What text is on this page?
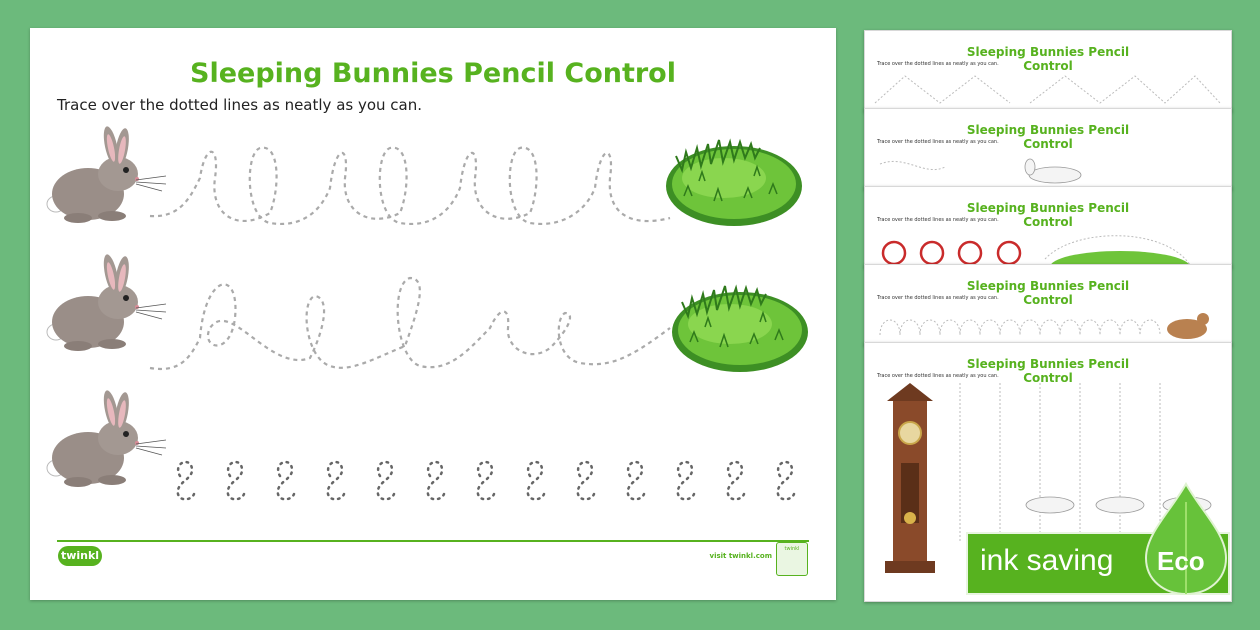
Sleeping Bunnies Pencil Control
Trace over the dotted lines as neatly as you can.
twinkl	visit twinkl.com
twinkl
Sleeping Bunnies Pencil Control
Trace over the dotted lines as neatly as you can.
Sleeping Bunnies Pencil Control
Trace over the dotted lines as neatly as you can.
Sleeping Bunnies Pencil Control
Trace over the dotted lines as neatly as you can.
Sleeping Bunnies Pencil Control
Trace over the dotted lines as neatly as you can.
Sleeping Bunnies Pencil Control
Trace over the dotted lines as neatly as you can.
ink saving Eco
